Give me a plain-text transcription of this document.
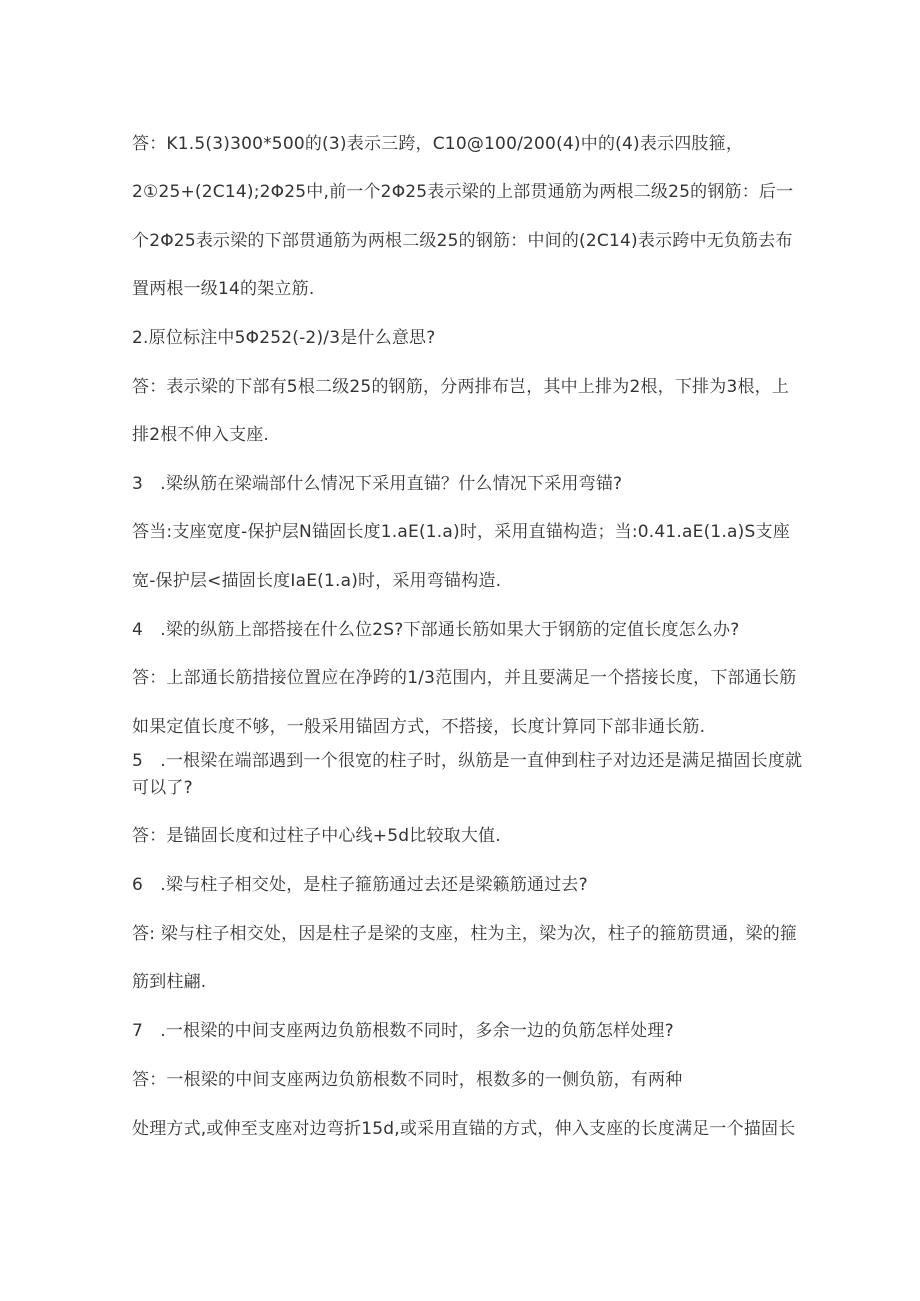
答：K1.5(3)300*500的(3)表示三跨，C10@100/200(4)中的(4)表示四肢箍，
2①25+(2C14);2Φ25中,前一个2Φ25表示梁的上部贯通筋为两根二级25的钢筋：后一
个2Φ25表示梁的下部贯通筋为两根二级25的钢筋：中间的(2C14)表示跨中无负筋去布
置两根一级14的架立筋.
2.原位标注中5Φ252(-2)/3是什么意思?
答：表示梁的下部有5根二级25的钢筋，分两排布岂，其中上排为2根，下排为3根，上
排2根不伸入支座.
3　.梁纵筋在梁端部什么情况下采用直锚？什么情况下采用弯锚?
答当:支座宽度-保护层N锚固长度1.aE(1.a)时，采用直锚构造；当:0.41.aE(1.a)S支座
宽-保护层<描固长度IaE(1.a)时，采用弯锚构造.
4　.梁的纵筋上部搭接在什么位2S?下部通长筋如果大于钢筋的定值长度怎么办?
答：上部通长筋措接位置应在净跨的1/3范围内，并且要满足一个搭接长度，下部通长筋
如果定值长度不够，一般采用锚固方式，不搭接，长度计算同下部非通长筋.
5　.一根梁在端部遇到一个很宽的柱子时，纵筋是一直伸到柱子对边还是满足描固长度就
可以了?
答：是锚固长度和过柱子中心线+5d比较取大值.
6　.梁与柱子相交处，是柱子箍筋通过去还是梁籁筋通过去?
答: 梁与柱子相交处，因是柱子是梁的支座，柱为主，梁为次，柱子的箍筋贯通，梁的箍
筋到柱翩.
7　.一根梁的中间支座两边负筋根数不同时，多余一边的负筋怎样处理?
答：一根梁的中间支座两边负筋根数不同时，根数多的一侧负筋，有两种
处理方式,或伸至支座对边弯折15d,或采用直锚的方式，伸入支座的长度满足一个描固长
